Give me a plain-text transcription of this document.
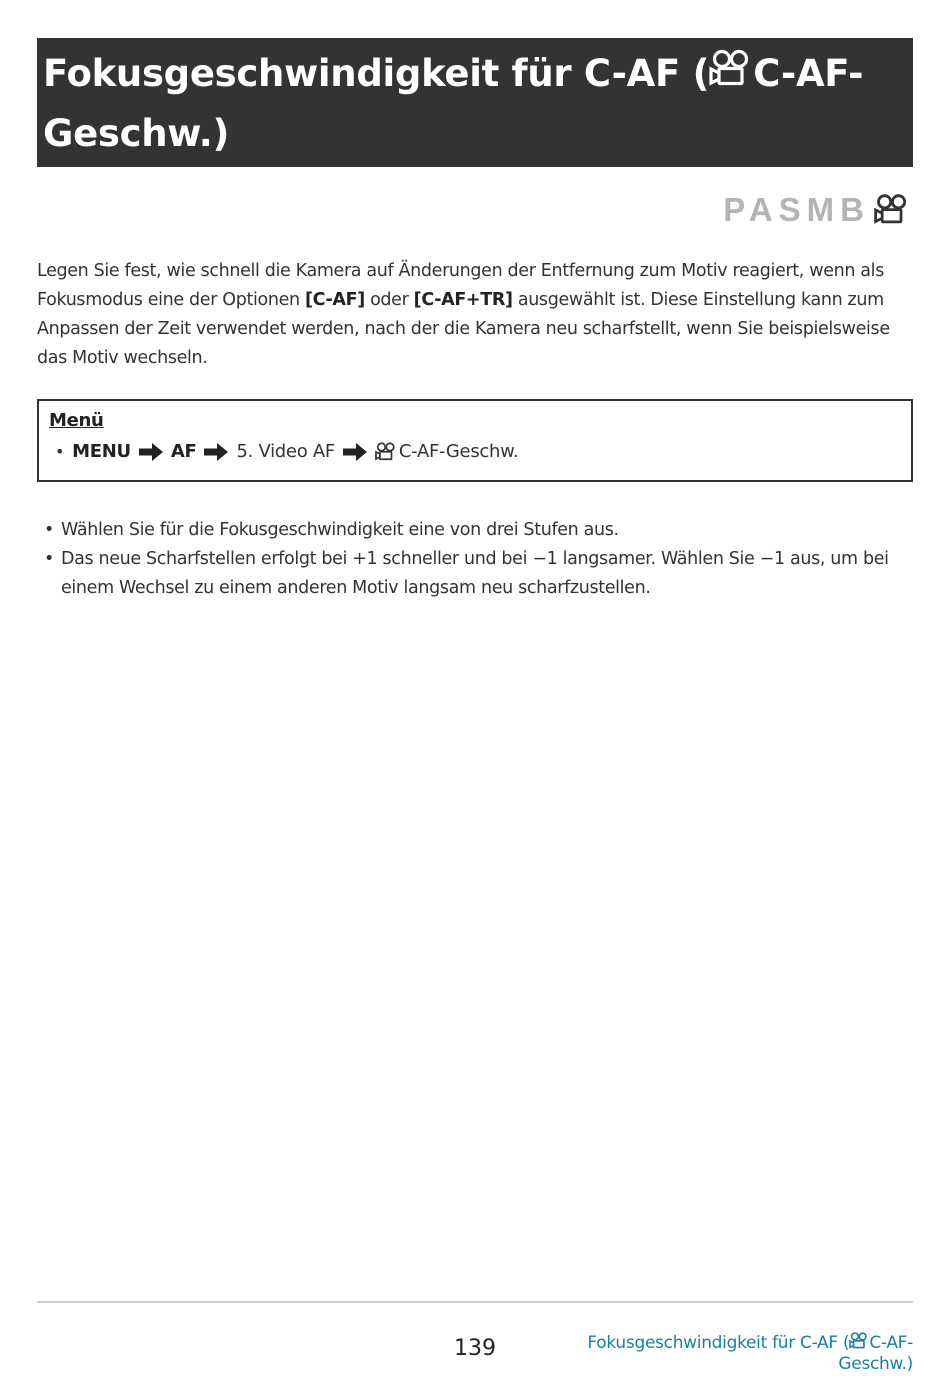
Fokusgeschwindigkeit für C-AF ( C-AF-Geschw.)
PASMB

Legen Sie fest, wie schnell die Kamera auf Änderungen der Entfernung zum Motiv reagiert, wenn als Fokusmodus eine der Optionen [C-AF] oder [C-AF+TR] ausgewählt ist. Diese Einstellung kann zum Anpassen der Zeit verwendet werden, nach der die Kamera neu scharfstellt, wenn Sie beispielsweise das Motiv wechseln.

Menü
• MENU AF 5. Video AF	C-AF-Geschw.
• Wählen Sie für die Fokusgeschwindigkeit eine von drei Stufen aus.
• Das neue Scharfstellen erfolgt bei +1 schneller und bei −1 langsamer. Wählen Sie −1 aus, um bei einem Wechsel zu einem anderen Motiv langsam neu scharfzustellen.
139	Fokusgeschwindigkeit für C-AF ( C-AF-
Geschw.)
